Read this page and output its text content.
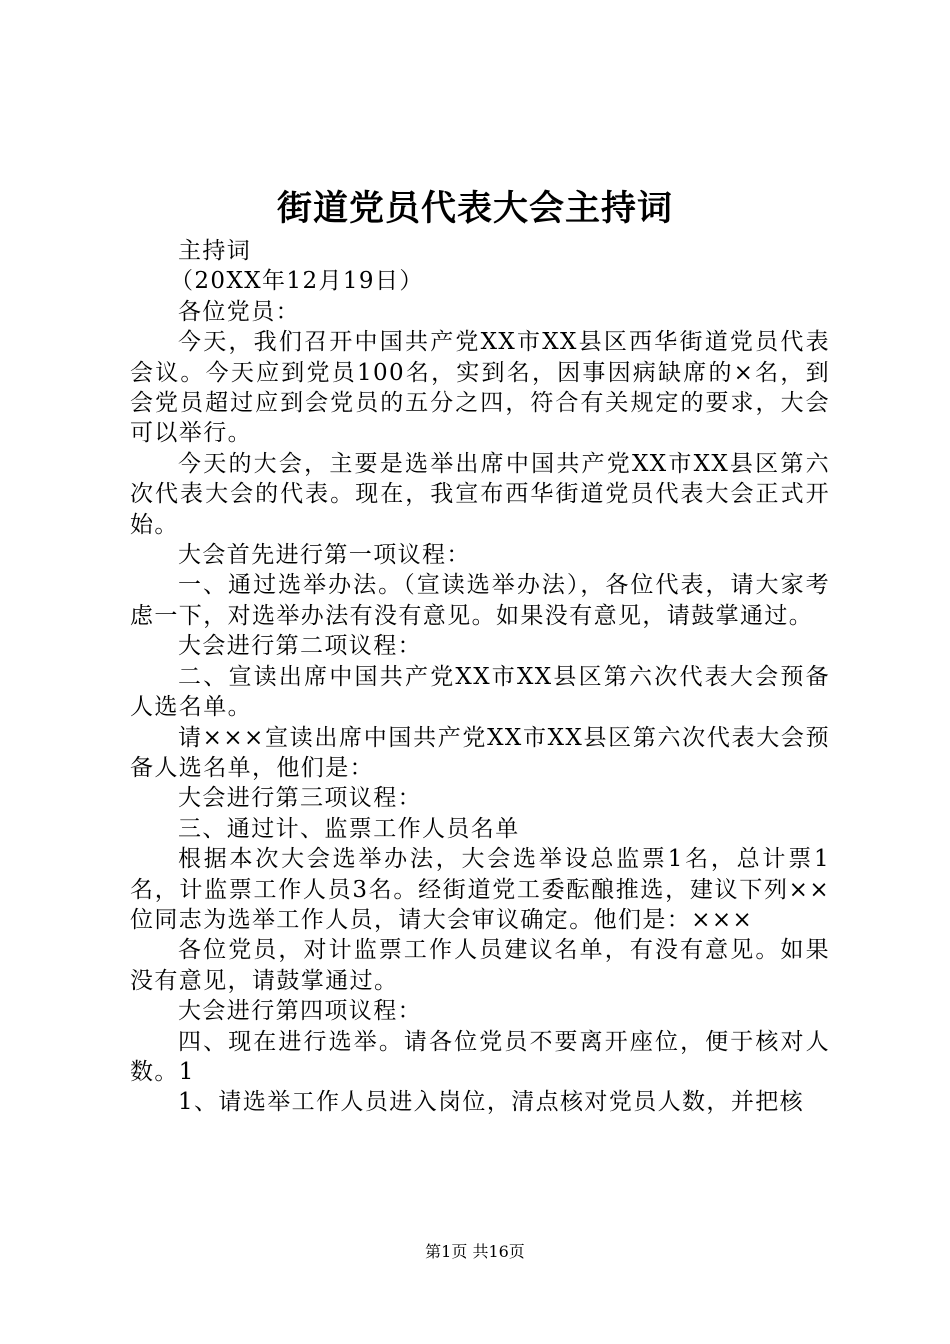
街道党员代表大会主持词

主持词

（20XX年12月19日）

各位党员：

今天，我们召开中国共产党XX市XX县区西华街道党员代表会议。今天应到党员100名，实到名，因事因病缺席的×名，到会党员超过应到会党员的五分之四，符合有关规定的要求，大会可以举行。

今天的大会，主要是选举出席中国共产党XX市XX县区第六次代表大会的代表。现在，我宣布西华街道党员代表大会正式开始。

大会首先进行第一项议程：

一、通过选举办法。（宣读选举办法），各位代表，请大家考虑一下，对选举办法有没有意见。如果没有意见，请鼓掌通过。

大会进行第二项议程：

二、宣读出席中国共产党XX市XX县区第六次代表大会预备人选名单。

请×××宣读出席中国共产党XX市XX县区第六次代表大会预备人选名单，他们是：

大会进行第三项议程：

三、通过计、监票工作人员名单

根据本次大会选举办法，大会选举设总监票1名，总计票1名，计监票工作人员3名。经街道党工委酝酿推选，建议下列××位同志为选举工作人员，请大会审议确定。他们是：×××

各位党员，对计监票工作人员建议名单，有没有意见。如果没有意见，请鼓掌通过。

大会进行第四项议程：

四、现在进行选举。请各位党员不要离开座位，便于核对人数。1

1、请选举工作人员进入岗位，清点核对党员人数，并把核

第1页 共16页
